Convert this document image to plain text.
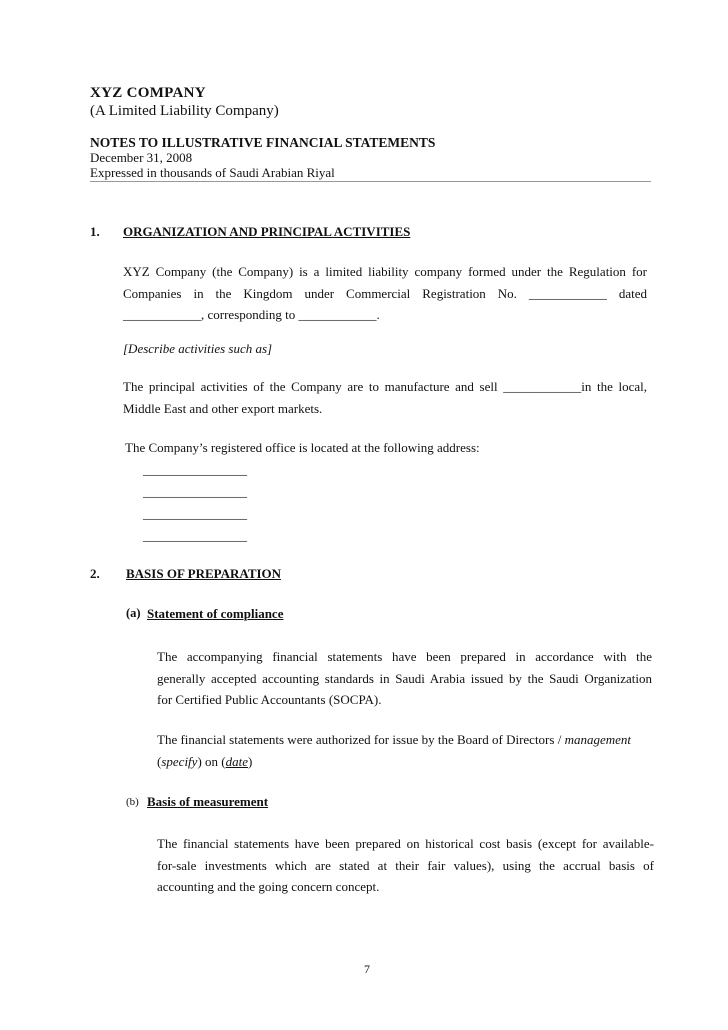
XYZ COMPANY
(A Limited Liability Company)
NOTES TO ILLUSTRATIVE FINANCIAL STATEMENTS
December 31, 2008
Expressed in thousands of Saudi Arabian Riyal
1. ORGANIZATION AND PRINCIPAL ACTIVITIES
XYZ Company (the Company) is a limited liability company formed under the Regulation for
Companies in the Kingdom under Commercial Registration No. ____________ dated
____________, corresponding to ____________.
[Describe activities such as]
The principal activities of the Company are to manufacture and sell ____________in the local,
Middle East and other export markets.
The Company’s registered office is located at the following address:
________________
________________
________________
________________
2. BASIS OF PREPARATION
(a) Statement of compliance
The accompanying financial statements have been prepared in accordance with the
generally accepted accounting standards in Saudi Arabia issued by the Saudi Organization
for Certified Public Accountants (SOCPA).
The financial statements were authorized for issue by the Board of Directors / management
(specify) on (date)
(b) Basis of measurement
The financial statements have been prepared on historical cost basis (except for available-
for-sale investments which are stated at their fair values), using the accrual basis of
accounting and the going concern concept.
7
